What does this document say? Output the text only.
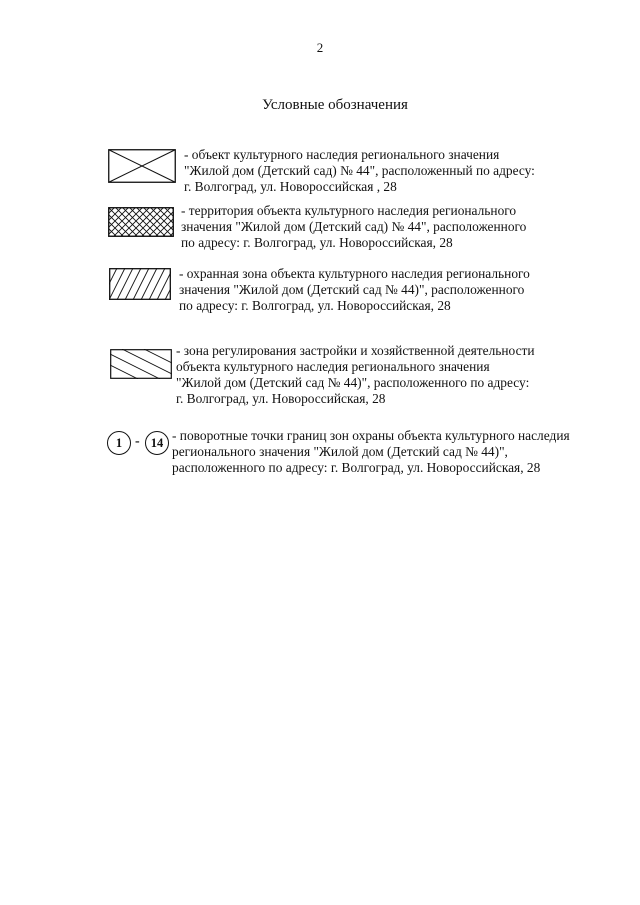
2
Условные обозначения
- объект культурного наследия регионального значения
"Жилой дом (Детский сад) № 44", расположенный по адресу:
г. Волгоград, ул. Новороссийская , 28
- территория объекта культурного наследия регионального
значения "Жилой дом (Детский сад) № 44", расположенного
по адресу: г. Волгоград, ул. Новороссийская, 28
- охранная зона объекта культурного наследия регионального
значения "Жилой дом (Детский сад № 44)", расположенного
по адресу: г. Волгоград, ул. Новороссийская, 28
- зона регулирования застройки и хозяйственной деятельности
объекта культурного наследия регионального значения
"Жилой дом (Детский сад № 44)", расположенного по адресу:
г. Волгоград, ул. Новороссийская, 28
1 - 14 - поворотные точки границ зон охраны объекта культурного наследия
регионального значения "Жилой дом (Детский сад № 44)",
расположенного по адресу: г. Волгоград, ул. Новороссийская, 28
